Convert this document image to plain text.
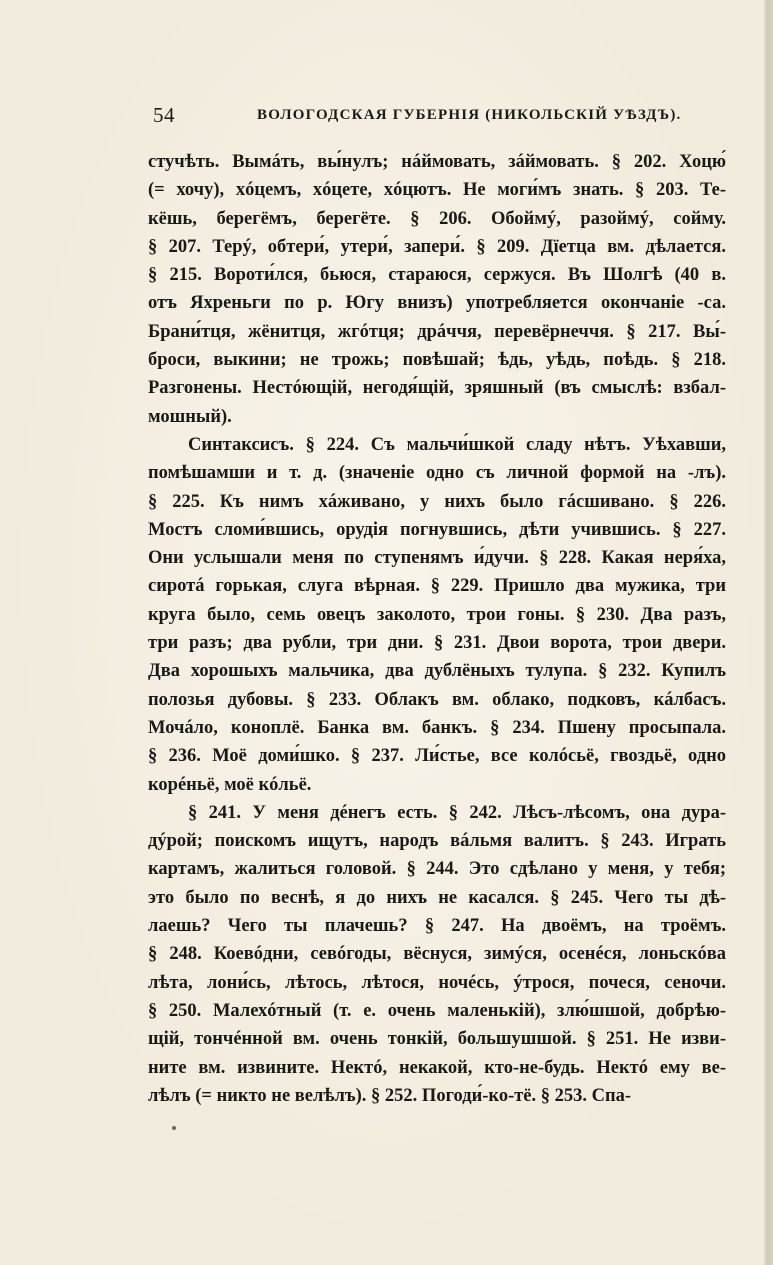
54	ВОЛОГОДСКАЯ ГУБЕРНІЯ (НИКОЛЬСКІЙ УѢЗДЪ).

стучѣть. Вымáть, вы́нулъ; нáймовать, зáймовать. § 202. Хоцю́
(= хочу), хóцемъ, хóцете, хóцютъ. Не моги́мъ знать. § 203. Те-
кёшь, берегёмъ, берегёте. § 206. Обоймý, разоймý, сойму.
§ 207. Терý, обтери́, утери́, запери́. § 209. Дїетца вм. дѣлается.
§ 215. Вороти́лся, бьюся, стараюся, сержуся. Въ Шолгѣ (40 в.
отъ Яхреньги по р. Югу внизъ) употребляется окончанiе -са.
Брани́тця, жёнитця, жгóтця; дрáччя, перевёрнеччя. § 217. Вы́-
броси, выкини; не трожь; повѣшай; ѣдь, уѣдь, поѣдь. § 218.
Разгонены. Нестóющiй, негодя́щiй, зряшный (въ смыслѣ: взбал-
мошный).

Синтаксисъ. § 224. Съ мальчи́шкой сладу нѣтъ. Уѣхавши,
помѣшамши и т. д. (значенiе одно съ личной формой на -лъ).
§ 225. Къ нимъ хáживано, у нихъ было гáсшивано. § 226.
Мостъ сломи́вшись, орудiя погнувшись, дѣти учившись. § 227.
Они услышали меня по ступенямъ и́дучи. § 228. Какая неря́ха,
сиротá горькая, слуга вѣрная. § 229. Пришло два мужика, три
круга было, семь овецъ заколото, трои гоны. § 230. Два разъ,
три разъ; два рубли, три дни. § 231. Двои ворота, трои двери.
Два хорошыхъ мальчика, два дублёныхъ тулупа. § 232. Купилъ
полозья дубовы. § 233. Облакъ вм. облако, подковъ, кáлбасъ.
Мочáло, конoплё. Банка вм. банкъ. § 234. Пшену просыпала.
§ 236. Моё доми́шко. § 237. Ли́стье, все колóсьё, гвоздьё, одно
корéньё, моё кóльё.

§ 241. У меня дéнегъ есть. § 242. Лѣсъ-лѣсомъ, она дура-
дýрой; поискомъ ищутъ, народъ вáльмя валитъ. § 243. Играть
картамъ, жалиться головой. § 244. Это сдѣлано у меня, у тебя;
это было по веснѣ, я до нихъ не касался. § 245. Чего ты дѣ-
лаешь? Чего ты плачешь? § 247. На двоёмъ, на троёмъ.
§ 248. Коевóдни, севóгоды, вёснуся, зимýся, осенéся, лоньскóва
лѣта, лони́сь, лѣтось, лѣтося, ночéсь, ýтрося, почеся, сеночи.
§ 250. Малехóтный (т. е. очень маленькiй), злю́шшой, добрѣю-
щiй, тончéнной вм. очень тонкiй, большушшой. § 251. Не изви-
ните вм. извините. Нектó, некакой, кто-не-будь. Нектó ему ве-
лѣлъ (= никто не велѣлъ). § 252. Погоди́-ко-тё. § 253. Спа-
